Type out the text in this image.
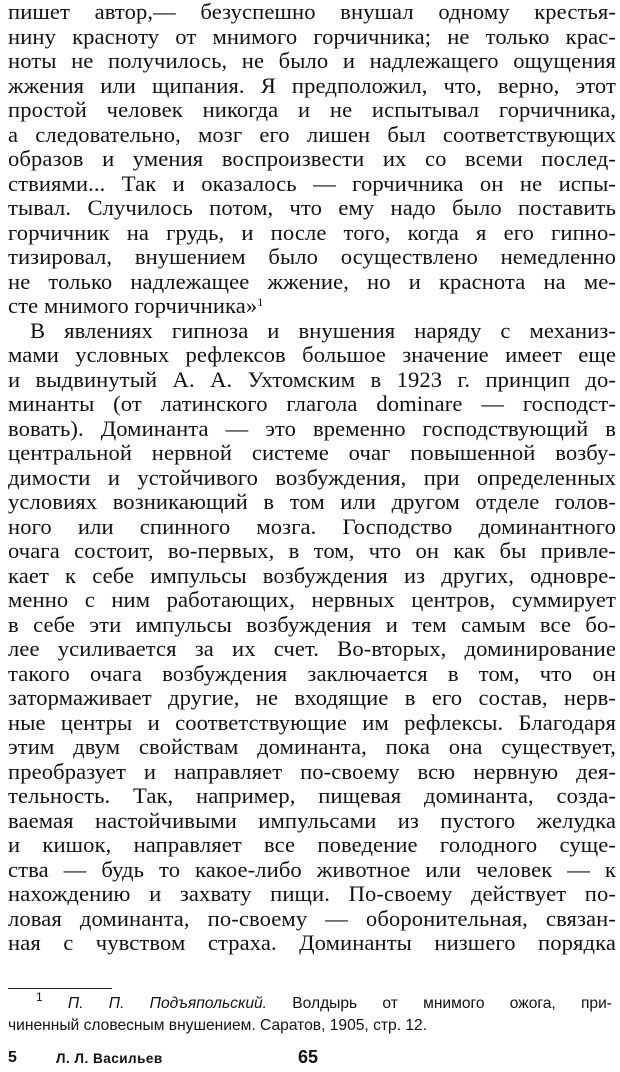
пишет автор,— безуспешно внушал одному крестья-
нину красноту от мнимого горчичника; не только крас-
ноты не получилось, не было и надлежащего ощущения
жжения или щипания. Я предположил, что, верно, этот
простой человек никогда и не испытывал горчичника,
а следовательно, мозг его лишен был соответствующих
образов и умения воспроизвести их со всеми послед-
ствиями... Так и оказалось — горчичника он не испы-
тывал. Случилось потом, что ему надо было поставить
горчичник на грудь, и после того, когда я его гипно-
тизировал, внушением было осуществлено немедленно
не только надлежащее жжение, но и краснота на ме-
сте мнимого горчичника»$^1$
В явлениях гипноза и внушения наряду с механиз-
мами условных рефлексов большое значение имеет еще
и выдвинутый А. А. Ухтомским в 1923 г. принцип до-
минанты (от латинского глагола dominare — господст-
вовать). Доминанта — это временно господствующий в
центральной нервной системе очаг повышенной возбу-
димости и устойчивого возбуждения, при определенных
условиях возникающий в том или другом отделе голов-
ного или спинного мозга. Господство доминантного
очага состоит, во-первых, в том, что он как бы привле-
кает к себе импульсы возбуждения из других, одновре-
менно с ним работающих, нервных центров, суммирует
в себе эти импульсы возбуждения и тем самым все бо-
лее усиливается за их счет. Во-вторых, доминирование
такого очага возбуждения заключается в том, что он
затормаживает другие, не входящие в его состав, нерв-
ные центры и соответствующие им рефлексы. Благодаря
этим двум свойствам доминанта, пока она существует,
преобразует и направляет по-своему всю нервную дея-
тельность. Так, например, пищевая доминанта, созда-
ваемая настойчивыми импульсами из пустого желудка
и кишок, направляет все поведение голодного суще-
ства — будь то какое-либо животное или человек — к
нахождению и захвату пищи. По-своему действует по-
ловая доминанта, по-своему — оборонительная, связан-
ная с чувством страха. Доминанты низшего порядка
$^1$ П. П. Подъяпольский. Волдырь от мнимого ожога, при-
чиненный словесным внушением. Саратов, 1905, стр. 12.
5	Л. Л. Васильев	65
